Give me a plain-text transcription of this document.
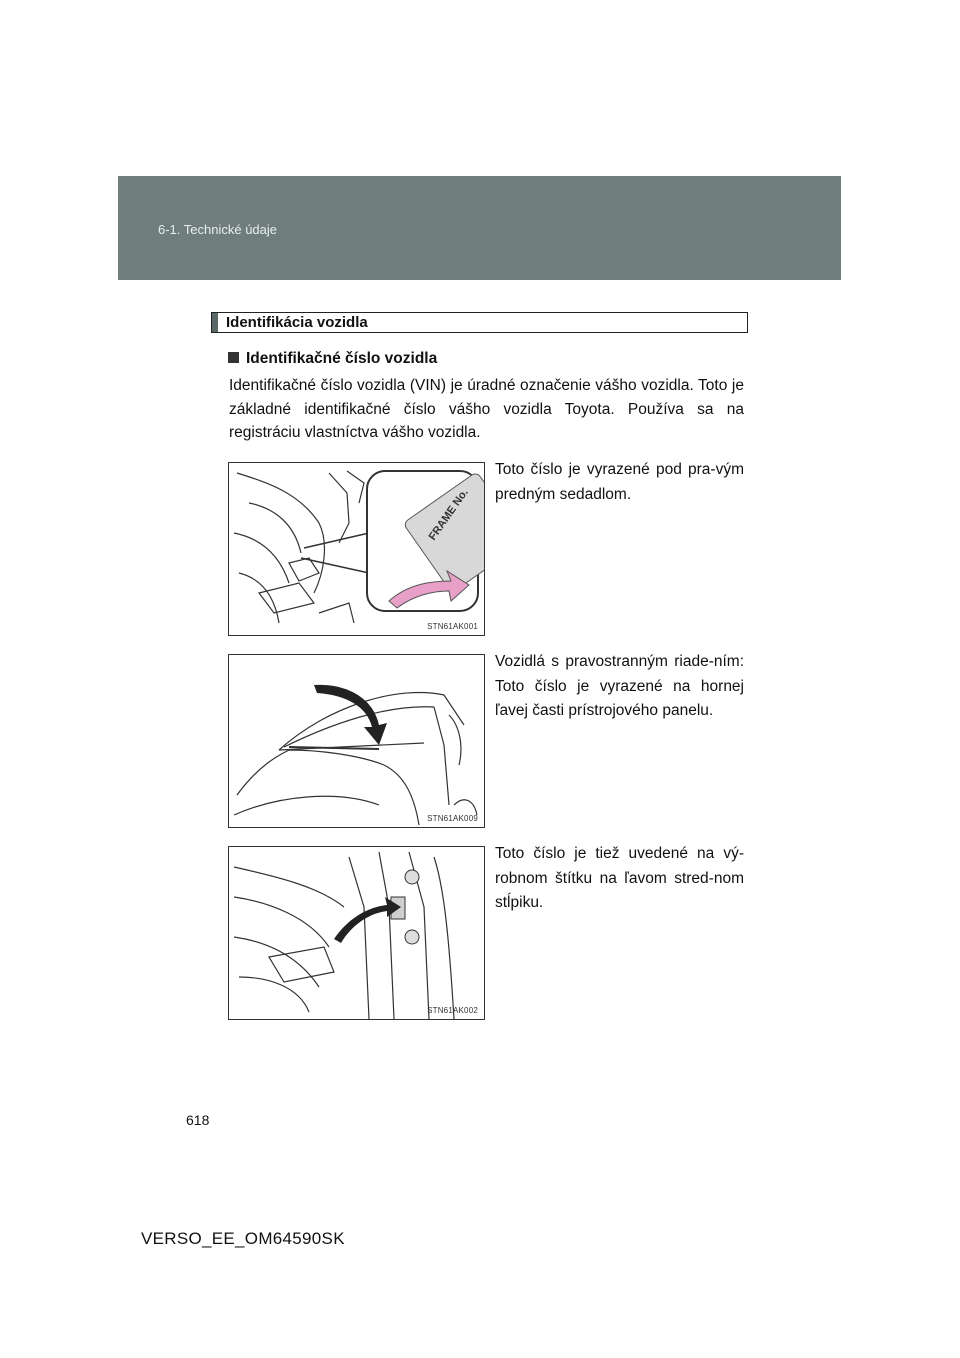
6-1. Technické údaje
Identifikácia vozidla
Identifikačné číslo vozidla
Identifikačné číslo vozidla (VIN) je úradné označenie vášho vozidla. Toto je základné identifikačné číslo vášho vozidla Toyota. Používa sa na registráciu vlastníctva vášho vozidla.
FRAME No.
STN61AK001
Toto číslo je vyrazené pod pra-vým predným sedadlom.
STN61AK009
Vozidlá s pravostranným riade-ním: Toto číslo je vyrazené na hornej ľavej časti prístrojového panelu.
STN61AK002
Toto číslo je tiež uvedené na vý-robnom štítku na ľavom stred-nom stĺpiku.
618
VERSO_EE_OM64590SK
